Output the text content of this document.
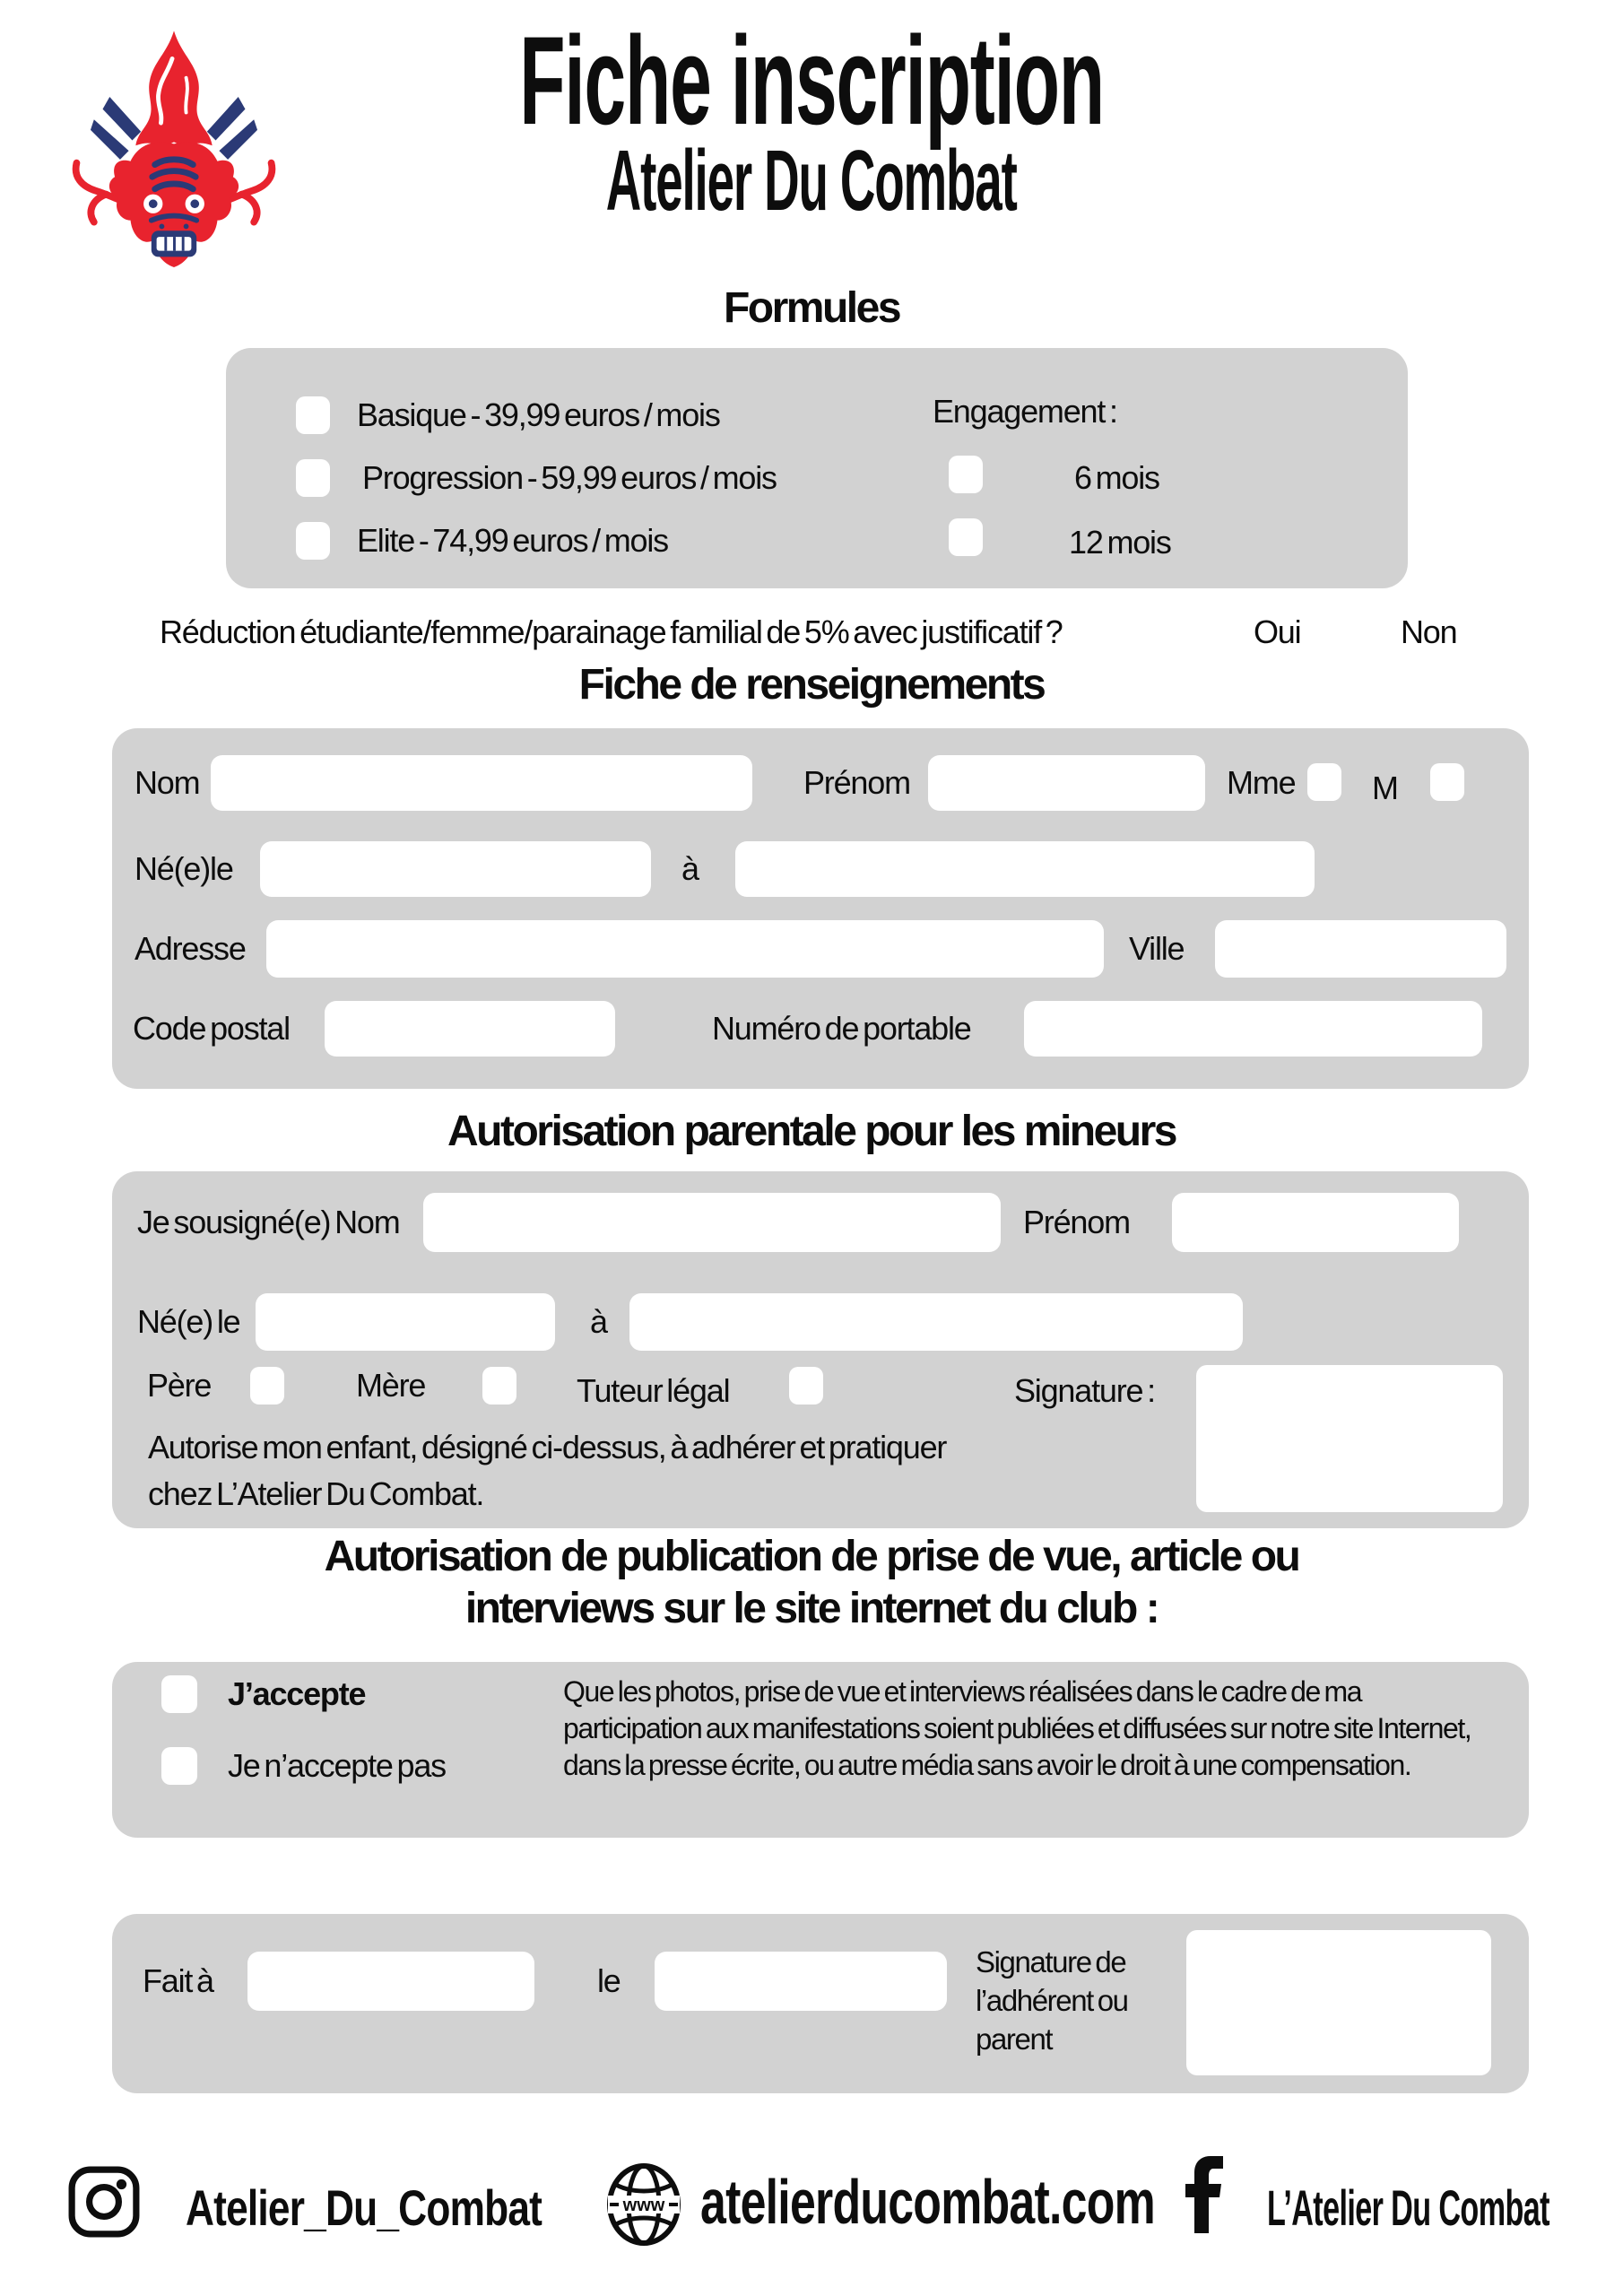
Fiche inscription
Atelier Du Combat
Formules
Basique - 39,99 euros / mois
Progression - 59,99 euros / mois
Elite - 74,99 euros / mois
Engagement :
6 mois
12 mois
Réduction étudiante/femme/parainage familial de 5% avec justificatif ?	Oui	Non
Fiche de renseignements
Nom	Prénom	Mme M
Né(e)le	à
Adresse	Ville
Code postal	Numéro de portable
Autorisation parentale pour les mineurs
Je sousigné(e) Nom	Prénom
Né(e) le	à
Père	Mère	Tuteur légal	Signature :
Autorise mon enfant, désigné ci-dessus, à adhérer et pratiquer
chez L’Atelier Du Combat.
Autorisation de publication de prise de vue, article ou
interviews sur le site internet du club :
J’accepte
Je n’accepte pas
Que les photos, prise de vue et interviews réalisées dans le cadre de ma participation aux manifestations soient publiées et diffusées sur notre site Internet, dans la presse écrite, ou autre média sans avoir le droit à une compensation.
Fait à	le
Signature de l’adhérent ou parent
Atelier_Du_Combat	www atelierducombat.com	L’Atelier Du Combat
